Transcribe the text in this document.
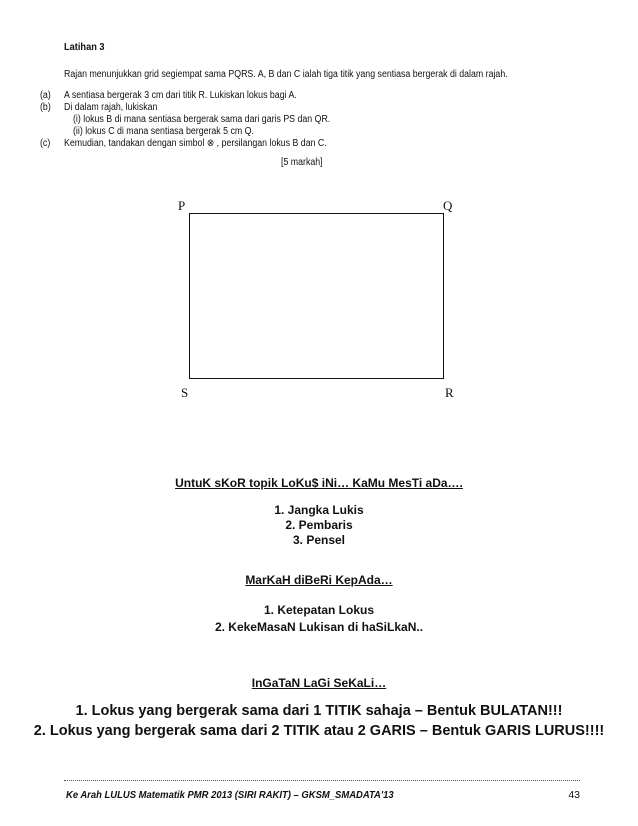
Latihan 3
Rajan menunjukkan grid segiempat sama PQRS. A, B dan C ialah tiga titik yang sentiasa bergerak di dalam rajah.
(a) A sentiasa bergerak 3 cm dari titik R. Lukiskan lokus bagi A.
(b) Di dalam rajah, lukiskan
(i) lokus B di mana sentiasa bergerak sama dari garis PS dan QR.
(ii) lokus C di mana sentiasa bergerak 5 cm Q.
(c) Kemudian, tandakan dengan simbol ⊗ , persilangan lokus B dan C.
[5 markah]
P	Q
S	R
UntuK sKoR topik LoKu$ iNi… KaMu MesTi aDa….
1. Jangka Lukis
2. Pembaris
3. Pensel
MarKaH diBeRi KepAda…
1. Ketepatan Lokus
2. KekeMasaN Lukisan di haSiLkaN..
InGaTaN LaGi SeKaLi…
1. Lokus yang bergerak sama dari 1 TITIK sahaja – Bentuk BULATAN!!!
2. Lokus yang bergerak sama dari 2 TITIK atau 2 GARIS – Bentuk GARIS LURUS!!!!
Ke Arah LULUS Matematik PMR 2013 (SIRI RAKIT) – GKSM_SMADATA'13	43
